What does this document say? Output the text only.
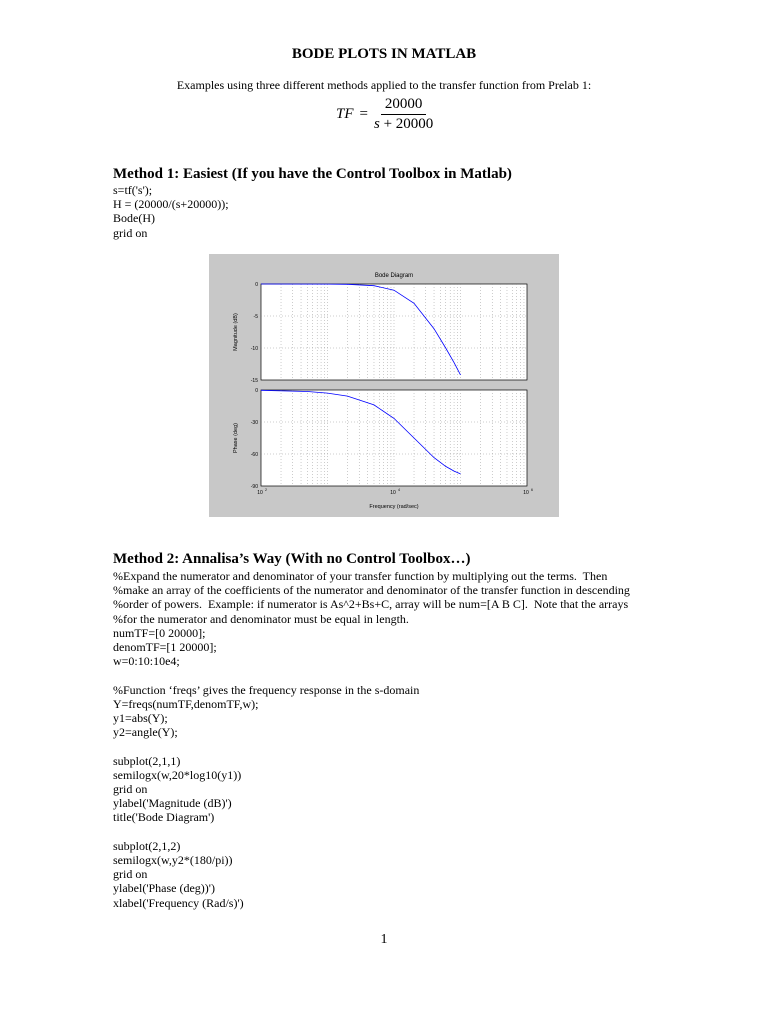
BODE PLOTS IN MATLAB
Examples using three different methods applied to the transfer function from Prelab 1:
TF = $\frac{20000}{s + 20000}$
Method 1: Easiest (If you have the Control Toolbox in Matlab)
s=tf('s');
H = (20000/(s+20000));
Bode(H)
grid on
0
-5
-10
-15
Magnitude (dB)
Bode Diagram
0
-30
-60
-90
Phase (deg)
10 2	10 4	10 6
Frequency (rad/sec)
Method 2: Annalisa’s Way (With no Control Toolbox…)
%Expand the numerator and denominator of your transfer function by multiplying out the terms.  Then
%make an array of the coefficients of the numerator and denominator of the transfer function in descending
%order of powers.  Example: if numerator is As^2+Bs+C, array will be num=[A B C].  Note that the arrays
%for the numerator and denominator must be equal in length.
numTF=[0 20000];
denomTF=[1 20000];
w=0:10:10e4;

%Function ‘freqs’ gives the frequency response in the s-domain
Y=freqs(numTF,denomTF,w);
y1=abs(Y);
y2=angle(Y);

subplot(2,1,1)
semilogx(w,20*log10(y1))
grid on
ylabel('Magnitude (dB)')
title('Bode Diagram')

subplot(2,1,2)
semilogx(w,y2*(180/pi))
grid on
ylabel('Phase (deg))')
xlabel('Frequency (Rad/s)')
1
